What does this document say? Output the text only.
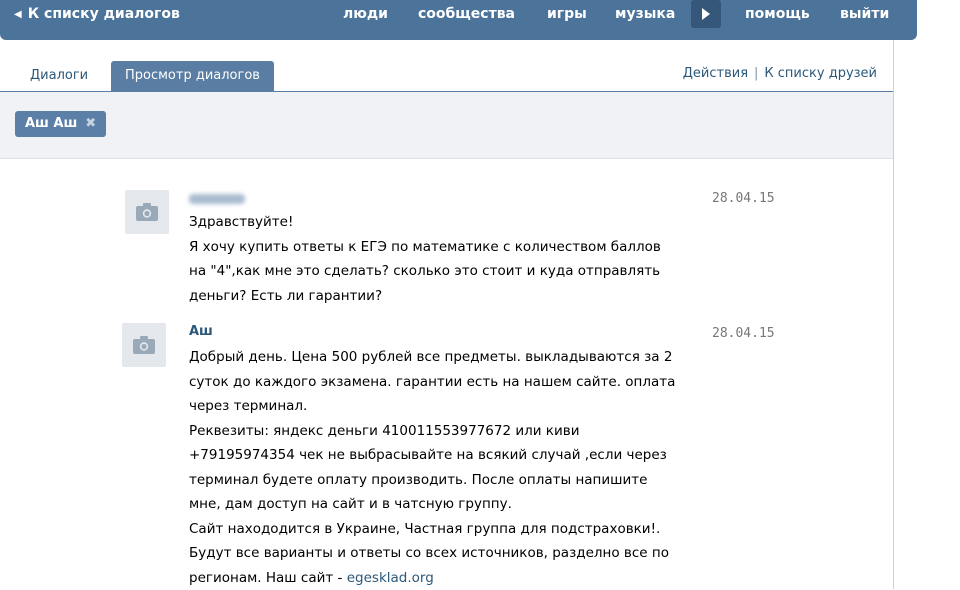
◀ К списку диалогов	люди сообщества игры музыка	помощь выйти
Диалоги	Просмотр диалогов	Действия | К списку друзей
Аш Аш ✖
28.04.15
Здравствуйте!
Я хочу купить ответы к ЕГЭ по математике с количеством баллов
на "4",как мне это сделать? сколько это стоит и куда отправлять
деньги? Есть ли гарантии?
Аш	28.04.15
Добрый день. Цена 500 рублей все предметы. выкладываются за 2
суток до каждого экзамена. гарантии есть на нашем сайте. оплата
через терминал.
Реквезиты: яндекс деньги 410011553977672 или киви
+79195974354 чек не выбрасывайте на всякий случай ,если через
терминал будете оплату производить. После оплаты напишите
мне, дам доступ на сайт и в чатсную группу.
Сайт находодится в Украине, Частная группа для подстраховки!.
Будут все варианты и ответы со всех источников, разделно все по
регионам. Наш сайт - egesklad.org
